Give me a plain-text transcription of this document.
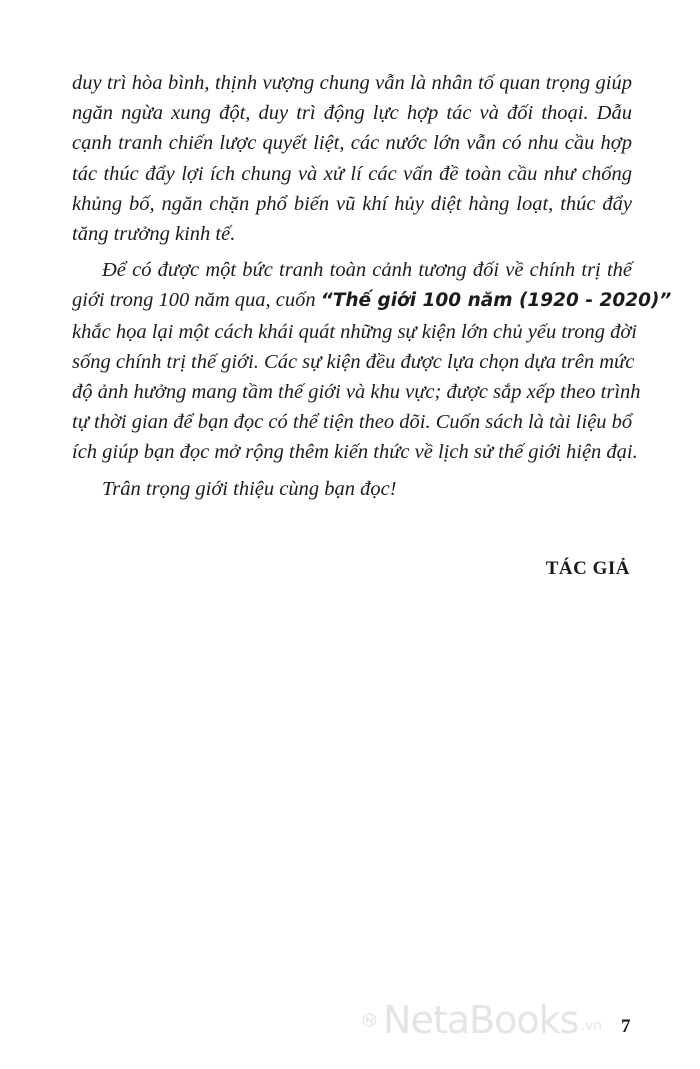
duy trì hòa bình, thịnh vượng chung vẫn là nhân tố quan trọng giúp
ngăn ngừa xung đột, duy trì động lực hợp tác và đối thoại. Dẫu
cạnh tranh chiến lược quyết liệt, các nước lớn vẫn có nhu cầu hợp
tác thúc đẩy lợi ích chung và xử lí các vấn đề toàn cầu như chống
khủng bố, ngăn chặn phổ biến vũ khí hủy diệt hàng loạt, thúc đẩy
tăng trưởng kinh tế.

Để có được một bức tranh toàn cảnh tương đối về chính trị thế
giới trong 100 năm qua, cuốn “Thế giới 100 năm (1920 - 2020)”
khắc họa lại một cách khái quát những sự kiện lớn chủ yếu trong đời
sống chính trị thế giới. Các sự kiện đều được lựa chọn dựa trên mức
độ ảnh hưởng mang tầm thế giới và khu vực; được sắp xếp theo trình
tự thời gian để bạn đọc có thể tiện theo dõi. Cuốn sách là tài liệu bổ
ích giúp bạn đọc mở rộng thêm kiến thức về lịch sử thế giới hiện đại.

Trân trọng giới thiệu cùng bạn đọc!

TÁC GIẢ
NetaBooks .vn 7
